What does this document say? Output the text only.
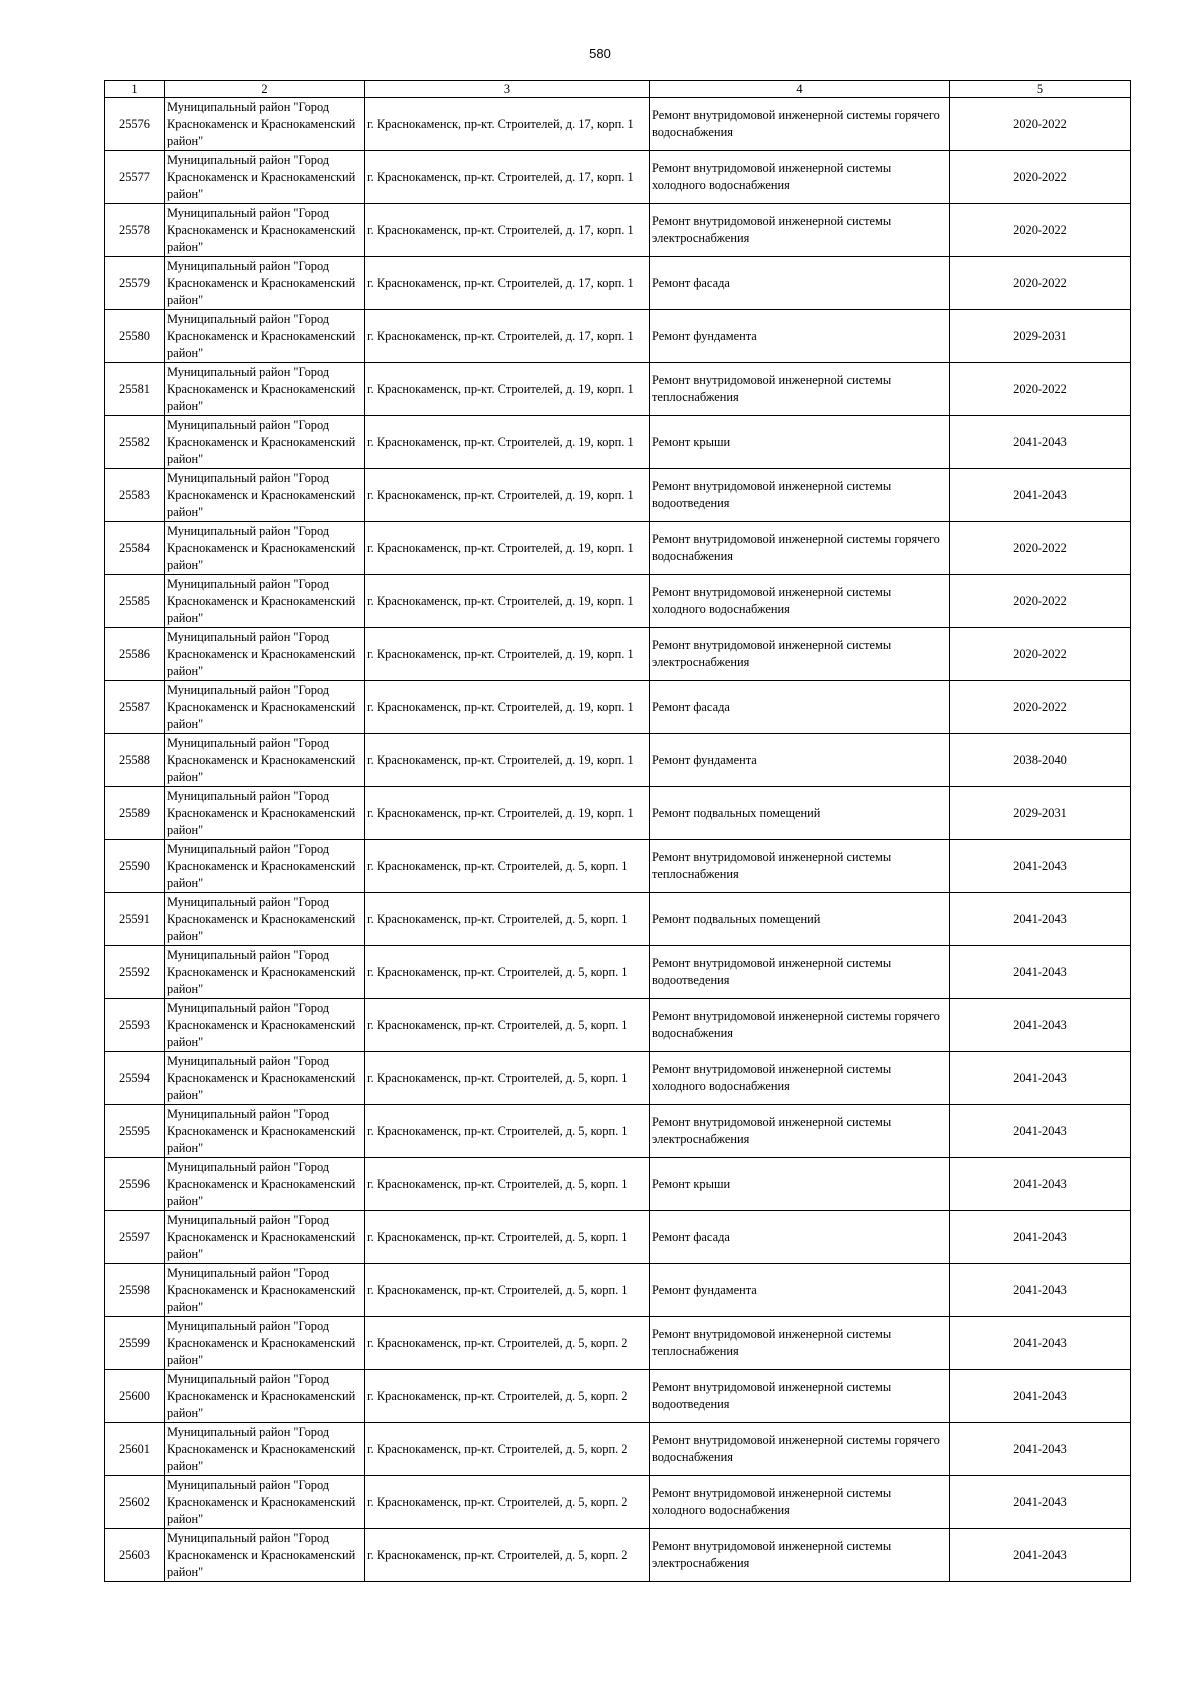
580
1	2	3	4	5
25576	Муниципальный район "Город Краснокаменск и Краснокаменский район"	г. Краснокаменск, пр-кт. Строителей, д. 17, корп. 1	Ремонт внутридомовой инженерной системы горячего водоснабжения	2020-2022
25577	Муниципальный район "Город Краснокаменск и Краснокаменский район"	г. Краснокаменск, пр-кт. Строителей, д. 17, корп. 1	Ремонт внутридомовой инженерной системы холодного водоснабжения	2020-2022
25578	Муниципальный район "Город Краснокаменск и Краснокаменский район"	г. Краснокаменск, пр-кт. Строителей, д. 17, корп. 1	Ремонт внутридомовой инженерной системы электроснабжения	2020-2022
25579	Муниципальный район "Город Краснокаменск и Краснокаменский район"	г. Краснокаменск, пр-кт. Строителей, д. 17, корп. 1	Ремонт фасада	2020-2022
25580	Муниципальный район "Город Краснокаменск и Краснокаменский район"	г. Краснокаменск, пр-кт. Строителей, д. 17, корп. 1	Ремонт фундамента	2029-2031
25581	Муниципальный район "Город Краснокаменск и Краснокаменский район"	г. Краснокаменск, пр-кт. Строителей, д. 19, корп. 1	Ремонт внутридомовой инженерной системы теплоснабжения	2020-2022
25582	Муниципальный район "Город Краснокаменск и Краснокаменский район"	г. Краснокаменск, пр-кт. Строителей, д. 19, корп. 1	Ремонт крыши	2041-2043
25583	Муниципальный район "Город Краснокаменск и Краснокаменский район"	г. Краснокаменск, пр-кт. Строителей, д. 19, корп. 1	Ремонт внутридомовой инженерной системы водоотведения	2041-2043
25584	Муниципальный район "Город Краснокаменск и Краснокаменский район"	г. Краснокаменск, пр-кт. Строителей, д. 19, корп. 1	Ремонт внутридомовой инженерной системы горячего водоснабжения	2020-2022
25585	Муниципальный район "Город Краснокаменск и Краснокаменский район"	г. Краснокаменск, пр-кт. Строителей, д. 19, корп. 1	Ремонт внутридомовой инженерной системы холодного водоснабжения	2020-2022
25586	Муниципальный район "Город Краснокаменск и Краснокаменский район"	г. Краснокаменск, пр-кт. Строителей, д. 19, корп. 1	Ремонт внутридомовой инженерной системы электроснабжения	2020-2022
25587	Муниципальный район "Город Краснокаменск и Краснокаменский район"	г. Краснокаменск, пр-кт. Строителей, д. 19, корп. 1	Ремонт фасада	2020-2022
25588	Муниципальный район "Город Краснокаменск и Краснокаменский район"	г. Краснокаменск, пр-кт. Строителей, д. 19, корп. 1	Ремонт фундамента	2038-2040
25589	Муниципальный район "Город Краснокаменск и Краснокаменский район"	г. Краснокаменск, пр-кт. Строителей, д. 19, корп. 1	Ремонт подвальных помещений	2029-2031
25590	Муниципальный район "Город Краснокаменск и Краснокаменский район"	г. Краснокаменск, пр-кт. Строителей, д. 5, корп. 1	Ремонт внутридомовой инженерной системы теплоснабжения	2041-2043
25591	Муниципальный район "Город Краснокаменск и Краснокаменский район"	г. Краснокаменск, пр-кт. Строителей, д. 5, корп. 1	Ремонт подвальных помещений	2041-2043
25592	Муниципальный район "Город Краснокаменск и Краснокаменский район"	г. Краснокаменск, пр-кт. Строителей, д. 5, корп. 1	Ремонт внутридомовой инженерной системы водоотведения	2041-2043
25593	Муниципальный район "Город Краснокаменск и Краснокаменский район"	г. Краснокаменск, пр-кт. Строителей, д. 5, корп. 1	Ремонт внутридомовой инженерной системы горячего водоснабжения	2041-2043
25594	Муниципальный район "Город Краснокаменск и Краснокаменский район"	г. Краснокаменск, пр-кт. Строителей, д. 5, корп. 1	Ремонт внутридомовой инженерной системы холодного водоснабжения	2041-2043
25595	Муниципальный район "Город Краснокаменск и Краснокаменский район"	г. Краснокаменск, пр-кт. Строителей, д. 5, корп. 1	Ремонт внутридомовой инженерной системы электроснабжения	2041-2043
25596	Муниципальный район "Город Краснокаменск и Краснокаменский район"	г. Краснокаменск, пр-кт. Строителей, д. 5, корп. 1	Ремонт крыши	2041-2043
25597	Муниципальный район "Город Краснокаменск и Краснокаменский район"	г. Краснокаменск, пр-кт. Строителей, д. 5, корп. 1	Ремонт фасада	2041-2043
25598	Муниципальный район "Город Краснокаменск и Краснокаменский район"	г. Краснокаменск, пр-кт. Строителей, д. 5, корп. 1	Ремонт фундамента	2041-2043
25599	Муниципальный район "Город Краснокаменск и Краснокаменский район"	г. Краснокаменск, пр-кт. Строителей, д. 5, корп. 2	Ремонт внутридомовой инженерной системы теплоснабжения	2041-2043
25600	Муниципальный район "Город Краснокаменск и Краснокаменский район"	г. Краснокаменск, пр-кт. Строителей, д. 5, корп. 2	Ремонт внутридомовой инженерной системы водоотведения	2041-2043
25601	Муниципальный район "Город Краснокаменск и Краснокаменский район"	г. Краснокаменск, пр-кт. Строителей, д. 5, корп. 2	Ремонт внутридомовой инженерной системы горячего водоснабжения	2041-2043
25602	Муниципальный район "Город Краснокаменск и Краснокаменский район"	г. Краснокаменск, пр-кт. Строителей, д. 5, корп. 2	Ремонт внутридомовой инженерной системы холодного водоснабжения	2041-2043
25603	Муниципальный район "Город Краснокаменск и Краснокаменский район"	г. Краснокаменск, пр-кт. Строителей, д. 5, корп. 2	Ремонт внутридомовой инженерной системы электроснабжения	2041-2043
